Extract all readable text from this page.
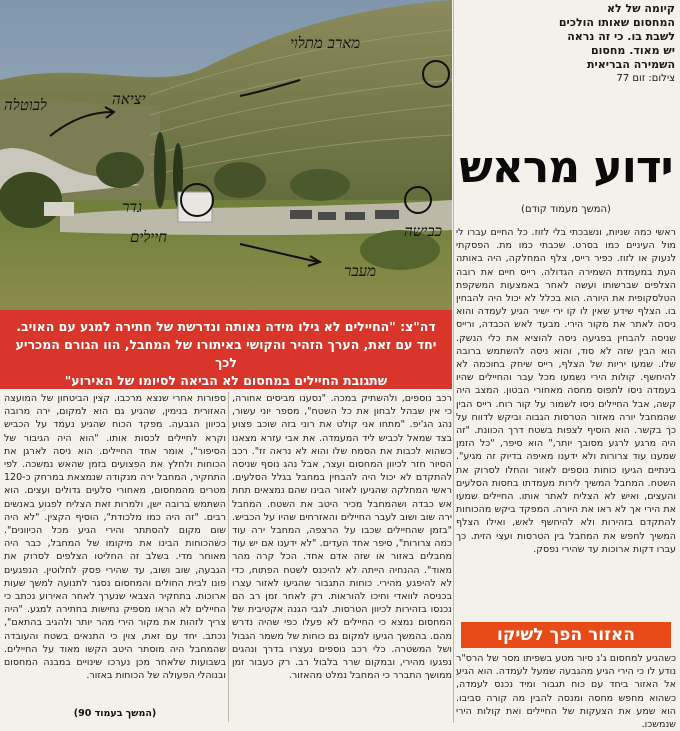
מארב מתלוי
לבוטלה	יציאה
חיילים
גדר
כבישה
מעבר
קיומה של לא
המחסום שאותו הולכים
לשבת בו. כי זה נראה
יש מאוד. מחסום
השמירה הבריאית
צילום: זום 77
ידוע מראש
(המשך מעמוד קודם)
ראשי כמה שניות, ונשבכתי בלי לזוז. כל החיים עברו לי מול העיניים כמו בסרט. שכבתי כמו מת. הפסקתי לנעוק או לזוז. כפיר רייס, צלף המחלקה, היה באותה העת במעמדת השמירה הגדולה. רייס חיים את רובה הצלפים שברשותו ועשה לאחר באמצעות המשקפת הטלסקופית את היורה. הוא בכלל לא יכול היה להבחין בו. הצלף שידע שאין לו קו ירי ישיר הגיע לעמדה והוא ניסה לאתר את מקור הירי. מבעד לאש הכבדה, ורייס שניסה להבחין בפגיעה ניסה להוציא את כלי הנשק. הוא הבין שזה לא סוד, והוא ניסה להשתמש ברובה שלו. שמעו יריות של הצלף, רייס שיחק בחוכמה לא להיחשף. קולות הירי נשמעו מכל עבר והחיילים שהיו בעמדה ניסו לתפוס מחסה מאחורי הבטון. המצב היה קשה, אבל החיילים ניסו לשמור על קור רוח. רייס הבין שהמחבל יורה מאזור הטרסות הגבוה וביקש לדווח על כך בקשר. הוא הוסיף לצפות בשטח דרך הכוונת. "זה היה מרגע לרגע מסובך יותר," הוא סיפר, "כל הזמן שמענו עוד צרורות ולא ידענו מאיפה בדיוק זה מגיע". בינתיים הגיעו כוחות נוספים לאזור והחלו לסרוק את השטח. המחבל המשיך לירות מעמדתו בחסות הסלעים והעצים, ואיש לא הצליח לאתר אותו. החיילים שמעו את הירי אך לא ראו את היורה. המפקד ביקש מהכוחות להתקדם בזהירות ולא להיחשף לאש, ואילו הצלף המשיך לחפש את המחבל בין הטרסות ועצי הזית. כך עברו דקות ארוכות עד שהירי נפסק.
האזור הפך לשיקו
כשהגיע למחסום ג'נ סיור מטע בשפיתו מסר של הרס"ר נודע לו כי הירי הגיע מהגבעה שמעל לעמדה. הוא הגיע אל האזור ביחד עם כוח תגבור ומיד נכנס לעמדה, כשהוא מחפש מחסה ומנסה להבין מה קורה סביבו. הוא שמע את הצעקות של החיילים ואת קולות הירי שנמשכו.
דה"צ: "החיילים לא גילו מידה נאותה ונדרשת של חתירה למגע עם האויב.
יחד עם זאת, הערך הזהיר והקושי באיתורו של המחבל, הוו הגורם המכריע לכך
שתגובת החיילים במחסום לא הביאה לסיומו של האירוע"
רכב נוספים, ולהשתיק במכה. "נסענו מביסים אחורה, כי אין שבהל לבחון את כל השטח", מספר יוני עשור, נהג הג'יפ. "מתחו אני קולט את רוני בזה שוכב פצוע בצד שמאל לכביש ליד המעמדה. את אבי עזרא מצאנו כשהוא לכבות את הסמח שלו והוא לא נראה זז". רכב הסיור חזר לכיוון המחסום ועצר, אבל נהג נוסף שניסה להתקדם לא יכול היה להבחין במחבל בגלל הסלעים. ראשי המחלקה שהגיעו לאזור הבינו שהם נמצאים תחת אש כבדה ושהמחבל מכיר היטב את השטח. המחבל ירה שוב ושוב לעבר החיילים והאזרחים שהיו על הכביש. "בזמן שהחיילים שכבו על הרצפה, המחבל ירה עוד כמה צרורות", סיפר אחד העדים. "לא ידענו אם יש עוד מחבלים באזור או שזה אדם אחד. הכל קרה מהר מאוד". ההנחיה הייתה לא להיכנס לשטח הפתוח, כדי לא להיפגע מהירי. כוחות התגבור שהגיעו לאזור עצרו בכניסה לוואדי וחיכו להוראות. רק לאחר זמן רב הם נכנסו בזהירות לכיוון הטרסות. לגבי הגנה אקטיבית של המחסום נמצא כי החיילים לא פעלו כפי שהיה נדרש מהם. בהמשך הגיעו למקום גם כוחות של משמר הגבול ושל המשטרה. כלי רכב נוספים נעצרו בדרך ונהגים נפגעו מהירי, ובמקום שרר בלבול רב. רק כעבור זמן ממושך התברר כי המחבל נמלט מהאזור.
ספורות אחרי שנצא מרכבו. קצין הביטחון של המועצה האזורית בנימין, שהגיע גם הוא למקום, ירה מרובה בכיוון הגבעה. מפקד הכוח שהגיע נעמד על הכביש וקרא לחיילים לכסות אותו. "הוא היה הגיבור של הסיפור", אומר אחד החיילים. הוא ניסה לארגן את הכוחות ולחלץ את הפצועים בזמן שהאש נמשכה. לפי התחקיר, המחבל ירה מנקודה שנמצאת במרחק כ-120 מטרים מהמחסום, מאחורי סלעים גדולים ועצים. הוא השתמש ברובה ישן, ולמרות זאת הצליח לפגוע באנשים רבים. "זה היה כמו מלכודת", הוסיף הקצין. "לא היה שום מקום להסתתר והירי הגיע מכל הכיוונים". כשהכוחות הבינו את מיקומו של המחבל, כבר היה מאוחר מדי. בשלב זה החליטו הצלפים לסרוק את הגבעה, שוב ושוב, עד שהירי פסק לחלוטין. הנפגעים פונו לבית החולים והמחסום נסגר לתנועה למשך שעות ארוכות. בתחקיר הצבאי שנערך לאחר האירוע נכתב כי החיילים לא הראו מספיק נחישות בחתירה למגע. "היה צריך לזהות את מקור הירי מהר יותר ולהגיב בהתאם", נכתב. יחד עם זאת, צוין כי התנאים בשטח והעובדה שהמחבל היה מוסתר היטב הקשו מאוד על החיילים. בשבועות שלאחר מכן נערכו שינויים במבנה המחסום ובנוהלי הפעולה של הכוחות באזור.
(המשך בעמוד 90)
